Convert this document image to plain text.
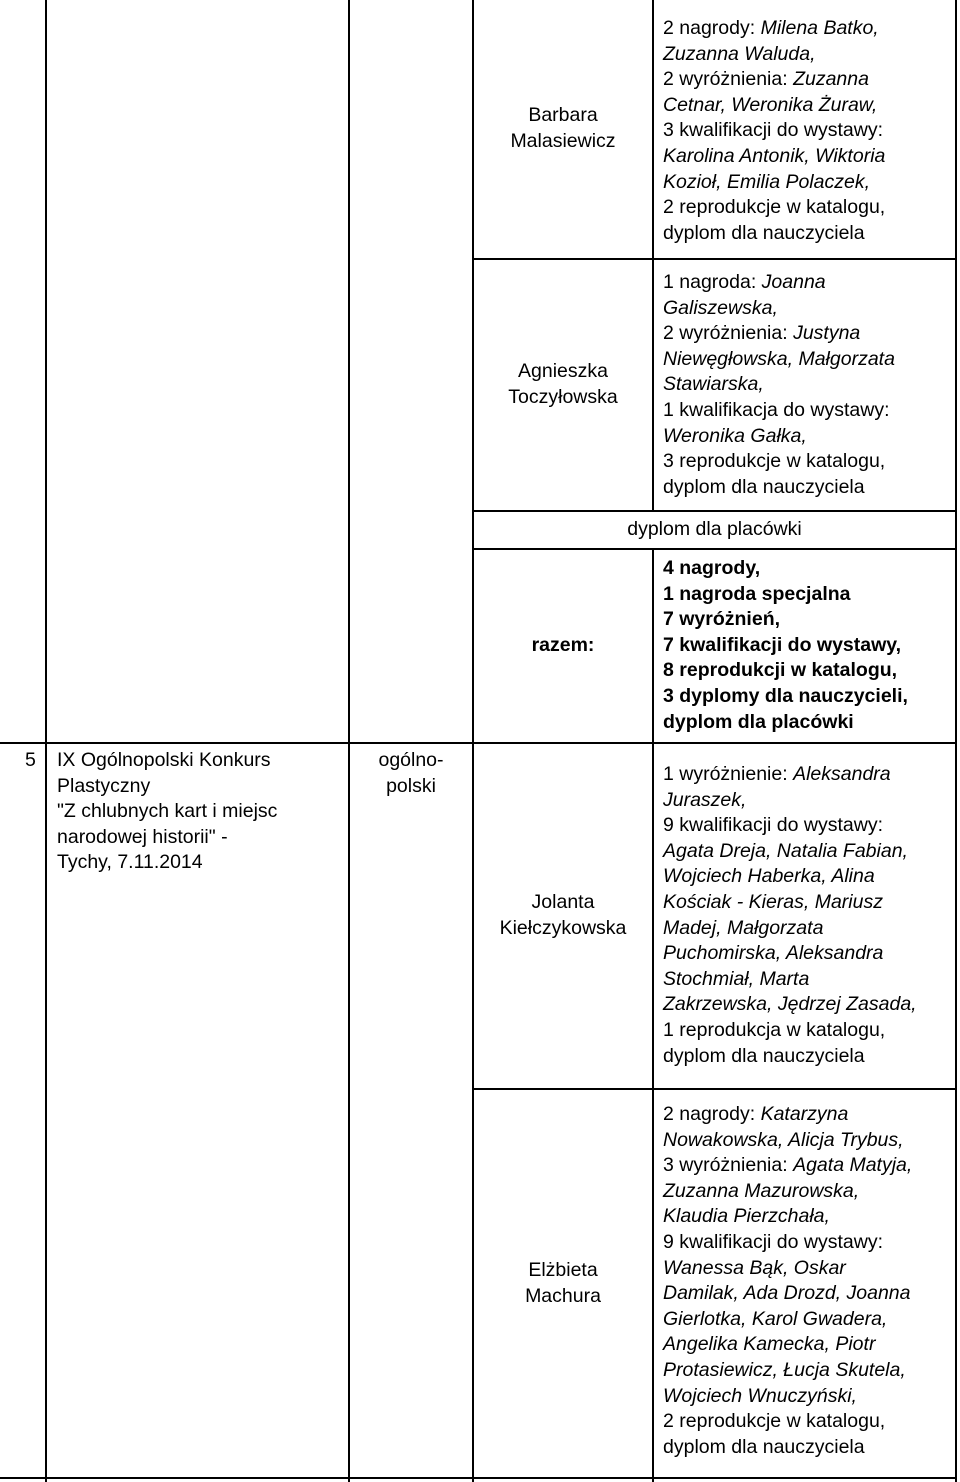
Barbara
Malasiewicz
2 nagrody: Milena Batko,
Zuzanna Waluda,
2 wyróżnienia: Zuzanna
Cetnar, Weronika Żuraw,
3 kwalifikacji do wystawy:
Karolina Antonik, Wiktoria
Kozioł, Emilia Polaczek,
2 reprodukcje w katalogu,
dyplom dla nauczyciela
Agnieszka
Toczyłowska
1 nagroda: Joanna
Galiszewska,
2 wyróżnienia: Justyna
Niewęgłowska, Małgorzata
Stawiarska,
1 kwalifikacja do wystawy:
Weronika Gałka,
3 reprodukcje w katalogu,
dyplom dla nauczyciela
dyplom dla placówki
razem:
4 nagrody,
1 nagroda specjalna
7 wyróżnień,
7 kwalifikacji do wystawy,
8 reprodukcji w katalogu,
3 dyplomy dla nauczycieli,
dyplom dla placówki
5	IX Ogólnopolski Konkurs
Plastyczny
"Z chlubnych kart i miejsc
narodowej historii" -
Tychy, 7.11.2014
ogólno-
polski
Jolanta
Kiełczykowska
1 wyróżnienie: Aleksandra
Juraszek,
9 kwalifikacji do wystawy:
Agata Dreja, Natalia Fabian,
Wojciech Haberka, Alina
Kościak - Kieras, Mariusz
Madej, Małgorzata
Puchomirska, Aleksandra
Stochmiał, Marta
Zakrzewska, Jędrzej Zasada,
1 reprodukcja w katalogu,
dyplom dla nauczyciela
Elżbieta
Machura
2 nagrody: Katarzyna
Nowakowska, Alicja Trybus,
3 wyróżnienia: Agata Matyja,
Zuzanna Mazurowska,
Klaudia Pierzchała,
9 kwalifikacji do wystawy:
Wanessa Bąk, Oskar
Damilak, Ada Drozd, Joanna
Gierlotka, Karol Gwadera,
Angelika Kamecka, Piotr
Protasiewicz, Łucja Skutela,
Wojciech Wnuczyński,
2 reprodukcje w katalogu,
dyplom dla nauczyciela
